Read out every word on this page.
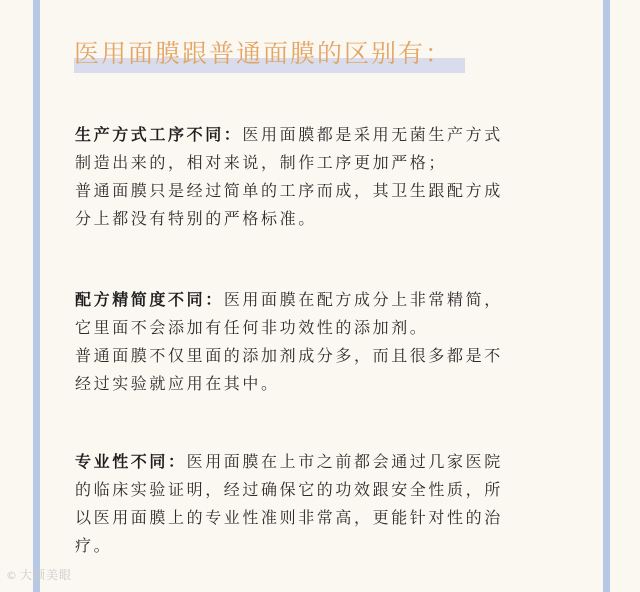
医用面膜跟普通面膜的区别有：
生产方式工序不同：医用面膜都是采用无菌生产方式
制造出来的，相对来说，制作工序更加严格；
普通面膜只是经过简单的工序而成，其卫生跟配方成
分上都没有特别的严格标准。
配方精简度不同：医用面膜在配方成分上非常精简，
它里面不会添加有任何非功效性的添加剂。
普通面膜不仅里面的添加剂成分多，而且很多都是不
经过实验就应用在其中。
专业性不同：医用面膜在上市之前都会通过几家医院
的临床实验证明，经过确保它的功效跟安全性质，所
以医用面膜上的专业性准则非常高，更能针对性的治
疗。
© 大颜美眼
